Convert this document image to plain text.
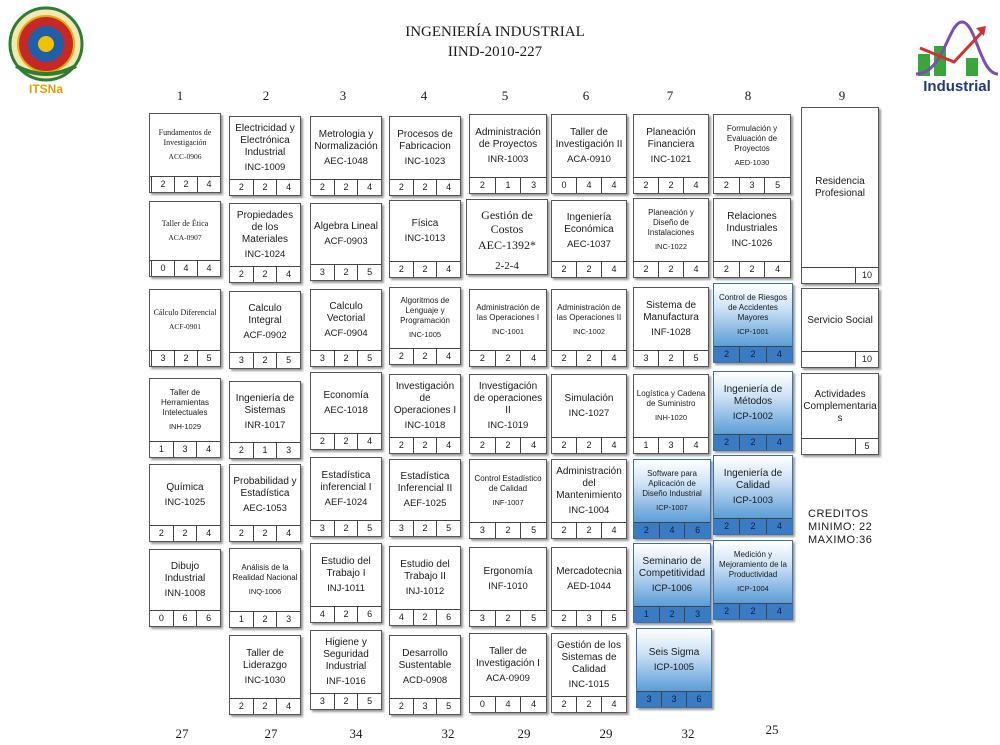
INGENIERÍA INDUSTRIAL
IIND-2010-227
ITSNa	Industrial
1	2	3	4	5	6	7	8	9
Fundamentos de Investigación
ACC-0906
2	2	4
Taller de Ética
ACA-0907
0	4	4
Cálculo Diferencial
ACF-0901
3	2	5
Taller de Herramientas Intelectuales
INH-1029
1	3	4
Química
INC-1025
2	2	4
Dibujo Industrial
INN-1008
0	6	6
Electricidad y Electrónica Industrial
INC-1009
2	2	4
Propiedades de los Materiales
INC-1024
2	2	4
Calculo Integral
ACF-0902
3	2	5
Ingeniería de Sistemas
INR-1017
2	1	3
Probabilidad y Estadística
AEC-1053
2	2	4
Análisis de la Realidad Nacional
INQ-1006
1	2	3
Taller de Liderazgo
INC-1030
2	2	4
Metrologia y Normalización
AEC-1048
2	2	4
Algebra Lineal
ACF-0903
3	2	5
Calculo Vectorial
ACF-0904
3	2	5
Economía
AEC-1018
2	2	4
Estadística inferencial I
AEF-1024
3	2	5
Estudio del Trabajo I
INJ-1011
4	2	6
Higiene y Seguridad Industrial
INF-1016
3	2	5
Procesos de Fabricacion
INC-1023
2	2	4
Física
INC-1013
2	2	4
Algoritmos de Lenguaje y Programación
INC-1005
2	2	4
Investigación de Operaciones I
INC-1018
2	2	4
Estadística Inferencial II
AEF-1025
3	2	5
Estudio del Trabajo II
INJ-1012
4	2	6
Desarrollo Sustentable
ACD-0908
2	3	5
Administración de Proyectos
INR-1003
2	1	3
Gestión de Costos
AEC-1392*
2-2-4
Administración de las Operaciones I
INC-1001
2	2	4
Investigación de operaciones II
INC-1019
2	2	4
Control Estadístico de Calidad
INF-1007
3	2	5
Ergonomía
INF-1010
3	2	5
Taller de Investigación I
ACA-0909
0	4	4
Taller de Investigación II
ACA-0910
0	4	4
Ingeniería Económica
AEC-1037
2	2	4
Administración de las Operaciones II
INC-1002
2	2	4
Simulación
INC-1027
2	2	4
Administración del Mantenimiento
INC-1004
2	2	4
Mercadotecnia
AED-1044
2	3	5
Gestión de los Sistemas de Calidad
INC-1015
2	2	4
Planeación Financiera
INC-1021
2	2	4
Planeación y Diseño de Instalaciones
INC-1022
2	2	4
Sistema de Manufactura
INF-1028
3	2	5
Logística y Cadena de Suministro
INH-1020
1	3	4
Software para Aplicación de Diseño Industrial
ICP-1007
2	4	6
Seminario de Competitividad
ICP-1006
1	2	3
Seis Sigma
ICP-1005
3	3	6
Formulación y Evaluación de Proyectos
AED-1030
2	3	5
Relaciones Industriales
INC-1026
2	2	4
Control de Riesgos de Accidentes Mayores
ICP-1001
2	2	4
Ingeniería de Métodos
ICP-1002
2	2	4
Ingeniería de Calidad
ICP-1003
2	2	4
Medición y Mejoramiento de la Productividad
ICP-1004
2	2	4
Residencia Profesional
10
Servicio Social
10
Actividades Complementaria s
5
CREDITOS
MINIMO: 22
MAXIMO:36
27	27	34	32	29	29	32	25
